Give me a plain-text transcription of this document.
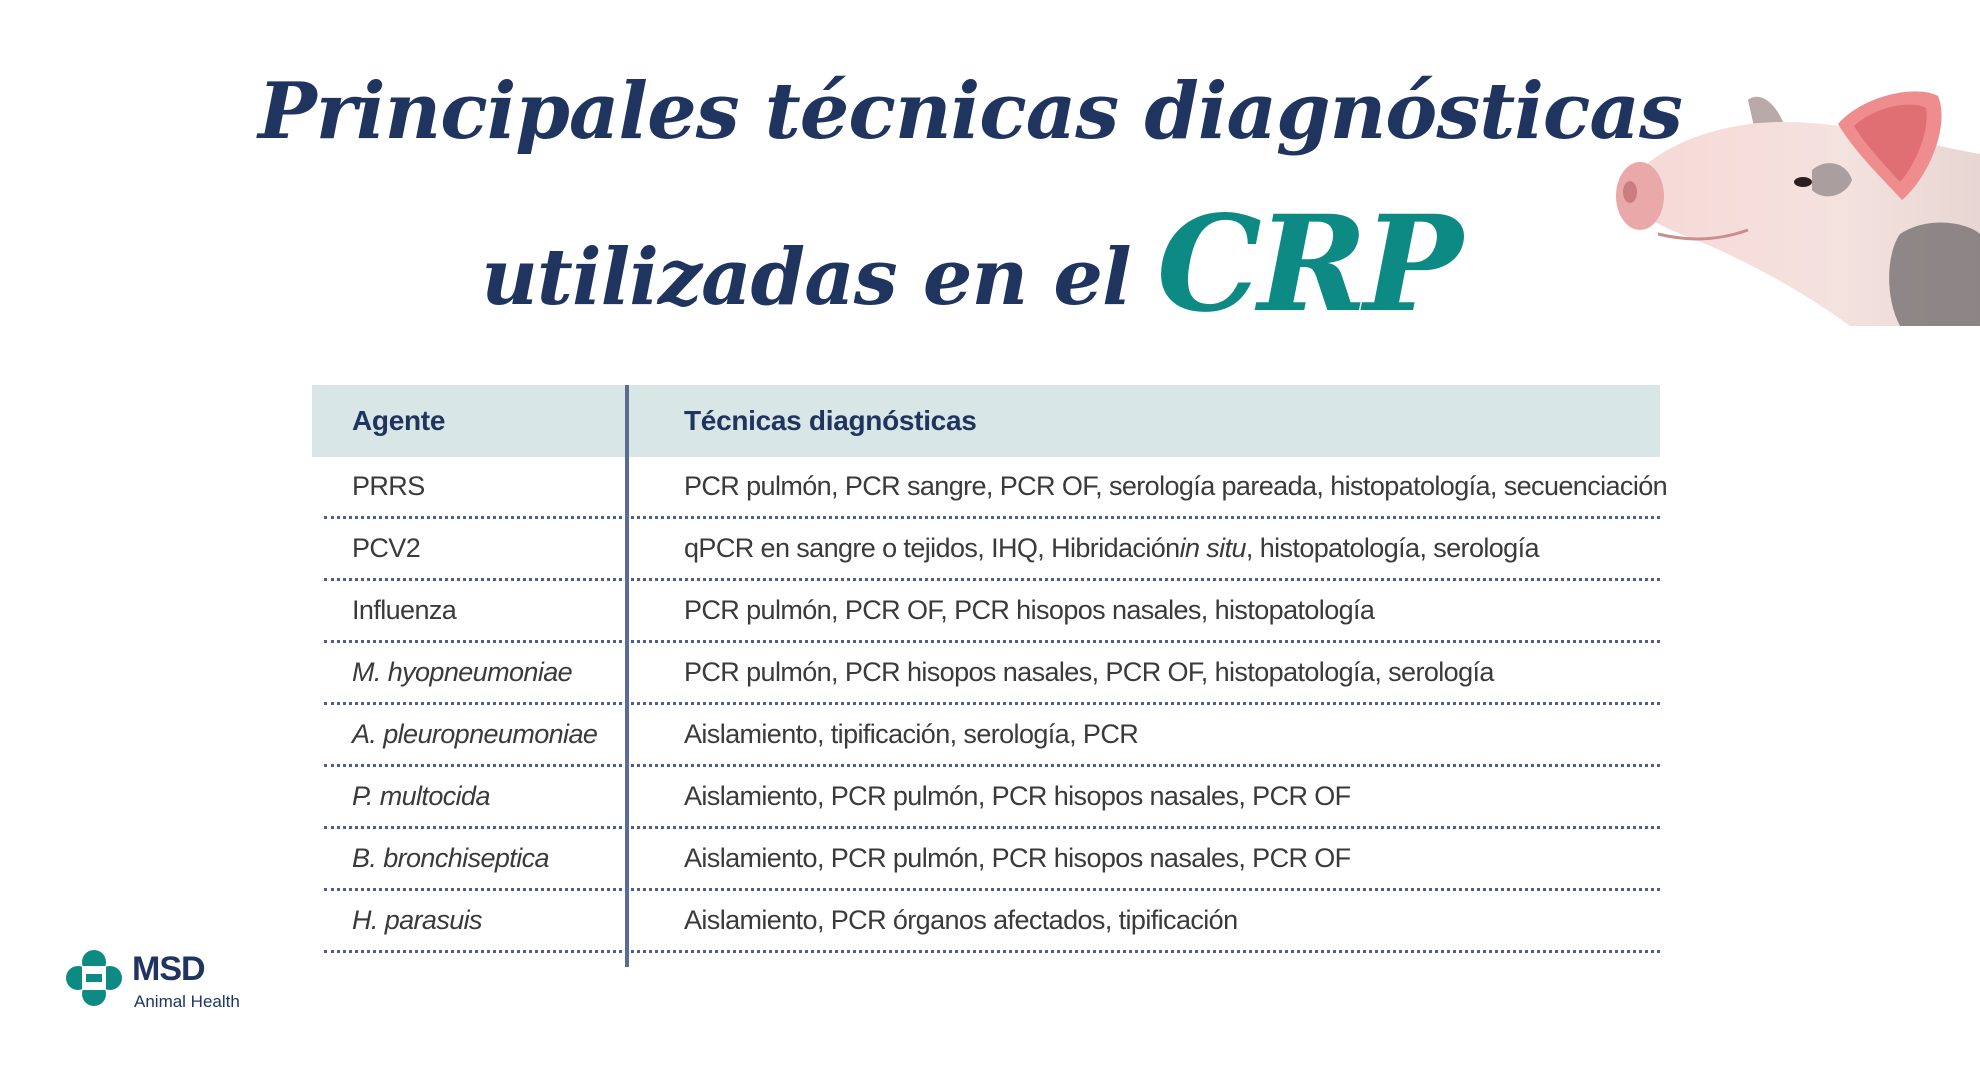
Principales técnicas diagnósticas
utilizadas en el CRP
Agente	Técnicas diagnósticas
PRRS	PCR pulmón, PCR sangre, PCR OF, serología pareada, histopatología, secuenciación
PCV2	qPCR en sangre o tejidos, IHQ, Hibridación in situ , histopatología, serología
Influenza	PCR pulmón, PCR OF, PCR hisopos nasales, histopatología
M. hyopneumoniae	PCR pulmón, PCR hisopos nasales, PCR OF, histopatología, serología
A. pleuropneumoniae	Aislamiento, tipificación, serología, PCR
P. multocida	Aislamiento, PCR pulmón, PCR hisopos nasales, PCR OF
B. bronchiseptica	Aislamiento, PCR pulmón, PCR hisopos nasales, PCR OF
H. parasuis	Aislamiento, PCR órganos afectados, tipificación
MSD
Animal Health
